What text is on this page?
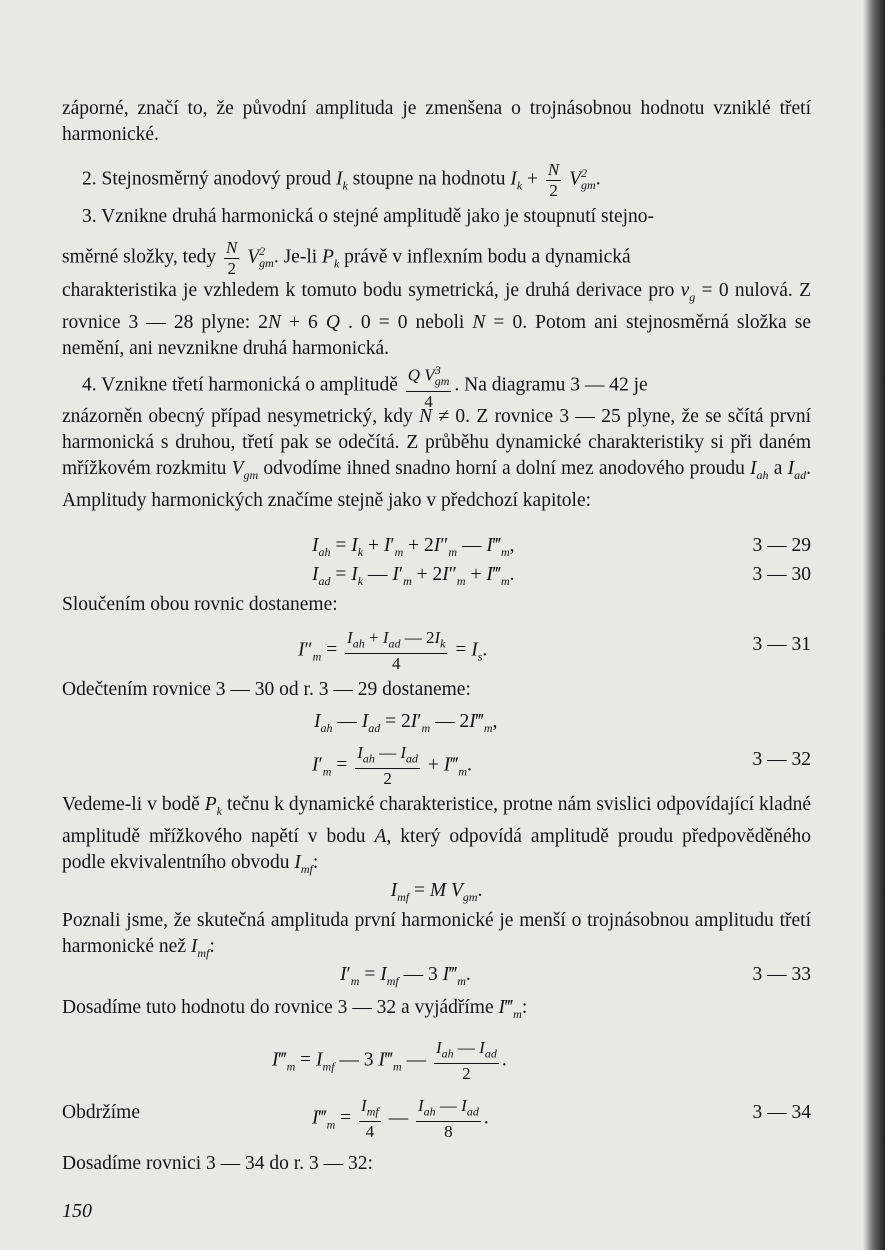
záporné, značí to, že původní amplituda je zmenšena o trojnásobnou hodnotu vzniklé třetí harmonické.
2. Stejnosměrný anodový proud $I_k$ stoupne na hodnotu $I_k + \frac{N}{2} V^2_{gm}$.
3. Vznikne druhá harmonická o stejné amplitudě jako je stoupnutí stejno-
směrné složky, tedy $\frac{N}{2} V^2_{gm}$. Je-li $P_k$ právě v inflexním bodu a dynamická
charakteristika je vzhledem k tomuto bodu symetrická, je druhá derivace pro $v_g = 0$ nulová. Z rovnice 3 — 28 plyne: 2N + 6 Q . 0 = 0 neboli N = 0. Potom ani stejnosměrná složka se nemění, ani nevznikne druhá harmonická.
4. Vznikne třetí harmonická o amplitudě $\frac{Q V^3_{gm}}{4}$ . Na diagramu 3 — 42 je
znázorněn obecný případ nesymetrický, kdy N ≠ 0. Z rovnice 3 — 25 plyne, že se sčítá první harmonická s druhou, třetí pak se odečítá. Z průběhu dynamické charakteristiky si při daném mřížkovém rozkmitu $V_{gm}$ odvodíme ihned snadno horní a dolní mez anodového proudu $I_{ah}$ a $I_{ad}$. Amplitudy harmonických značíme stejně jako v předchozí kapitole:
$I_{ah} = I_k + I'_m + 2I''_m$ — $I‴_m$,	3 — 29
$I_{ad} = I_k$ — $I'_m + 2I''_m$ + $I‴_m$.	3 — 30
Sloučením obou rovnic dostaneme:
$I''_m = \frac{I_{ah} + I_{ad} — 2I_k}{4} = I_s$.	3 — 31
Odečtením rovnice 3 — 30 od r. 3 — 29 dostaneme:
$I_{ah}$ — $I_{ad} = 2I'_m$ — $2I‴_m$,
$I'_m = \frac{I_{ah} — I_{ad}}{2}$ + $I‴_m$.	3 — 32
Vedeme-li v bodě $P_k$ tečnu k dynamické charakteristice, protne nám svislici odpovídající kladné amplitudě mřížkového napětí v bodu A, který odpovídá amplitudě proudu předpověděného podle ekvivalentního obvodu $I_{mf}$:
$I_{mf} = M$ $V_{gm}$.
Poznali jsme, že skutečná amplituda první harmonické je menší o trojnásobnou amplitudu třetí harmonické než $I_{mf}$:
$I'_m = I_{mf}$ — 3 $I‴_m$.	3 — 33
Dosadíme tuto hodnotu do rovnice 3 — 32 a vyjádříme $I‴_m$:
$I‴_m = I_{mf}$ — 3 $I‴_m$ — $\frac{I_{ah} — I_{ad}}{2}$ .
Obdržíme	$I‴_m = \frac{I_{mf}}{4}$ — $\frac{I_{ah} — I_{ad}}{8}$ .	3 — 34
Dosadíme rovnici 3 — 34 do r. 3 — 32:
150
